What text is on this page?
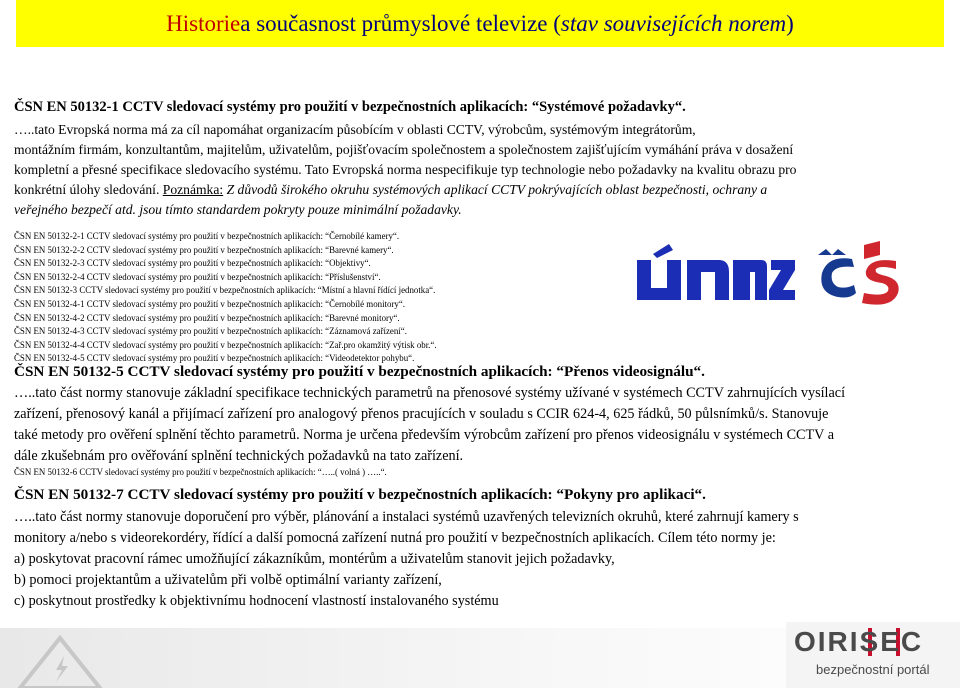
Historie a současnost průmyslové televize ( stav souvisejících norem )
ČSN EN 50132-1 CCTV sledovací systémy pro použití v bezpečnostních aplikacích: “Systémové požadavky“.
…..tato Evropská norma má za cíl napomáhat organizacím působícím v oblasti CCTV, výrobcům, systémovým integrátorům,
montážním firmám, konzultantům, majitelům, uživatelům, pojišťovacím společnostem a společnostem zajišťujícím vymáhání práva v dosažení
kompletní a přesné specifikace sledovacího systému. Tato Evropská norma nespecifikuje typ technologie nebo požadavky na kvalitu obrazu pro
konkrétní úlohy sledování. Poznámka: Z důvodů širokého okruhu systémových aplikací CCTV pokrývajících oblast bezpečnosti, ochrany a
veřejného bezpečí atd. jsou tímto standardem pokryty pouze minimální požadavky.
ČSN EN 50132-2-1 CCTV sledovací systémy pro použití v bezpečnostních aplikacích: “Černobílé kamery“.
ČSN EN 50132-2-2 CCTV sledovací systémy pro použití v bezpečnostních aplikacích: “Barevné kamery“.
ČSN EN 50132-2-3 CCTV sledovací systémy pro použití v bezpečnostních aplikacích: “Objektivy“.
ČSN EN 50132-2-4 CCTV sledovací systémy pro použití v bezpečnostních aplikacích: “Příslušenství“.
ČSN EN 50132-3 CCTV sledovací systémy pro použití v bezpečnostních aplikacích: “Místní a hlavní řídící jednotka“.
ČSN EN 50132-4-1 CCTV sledovací systémy pro použití v bezpečnostních aplikacích: “Černobílé monitory“.
ČSN EN 50132-4-2 CCTV sledovací systémy pro použití v bezpečnostních aplikacích: “Barevné monitory“.
ČSN EN 50132-4-3 CCTV sledovací systémy pro použití v bezpečnostních aplikacích: “Záznamová zařízení“.
ČSN EN 50132-4-4 CCTV sledovací systémy pro použití v bezpečnostních aplikacích: “Zař.pro okamžitý výtisk obr.“.
ČSN EN 50132-4-5 CCTV sledovací systémy pro použití v bezpečnostních aplikacích: “Videodetektor pohybu“.
ČSN EN 50132-5 CCTV sledovací systémy pro použití v bezpečnostních aplikacích: “Přenos videosignálu“.
…..tato část normy stanovuje základní specifikace technických parametrů na přenosové systémy užívané v systémech CCTV zahrnujících vysílací
zařízení, přenosový kanál a přijímací zařízení pro analogový přenos pracujících v souladu s CCIR 624-4, 625 řádků, 50 půlsnímků/s. Stanovuje
také metody pro ověření splnění těchto parametrů. Norma je určena především výrobcům zařízení pro přenos videosignálu v systémech CCTV a
dále zkušebnám pro ověřování splnění technických požadavků na tato zařízení.
ČSN EN 50132-6 CCTV sledovací systémy pro použití v bezpečnostních aplikacích: “…..( volná ) …..“.
ČSN EN 50132-7 CCTV sledovací systémy pro použití v bezpečnostních aplikacích: “Pokyny pro aplikaci“.
…..tato část normy stanovuje doporučení pro výběr, plánování a instalaci systémů uzavřených televizních okruhů, které zahrnují kamery s
monitory a/nebo s videorekordéry, řídící a další pomocná zařízení nutná pro použití v bezpečnostních aplikacích. Cílem této normy je:
a) poskytovat pracovní rámec umožňující zákazníkům, montérům a uživatelům stanovit jejich požadavky,
b) pomoci projektantům a uživatelům při volbě optimální varianty zařízení,
c) poskytnout prostředky k objektivnímu hodnocení vlastností instalovaného systému
OIRISEC
bezpečnostní portál
